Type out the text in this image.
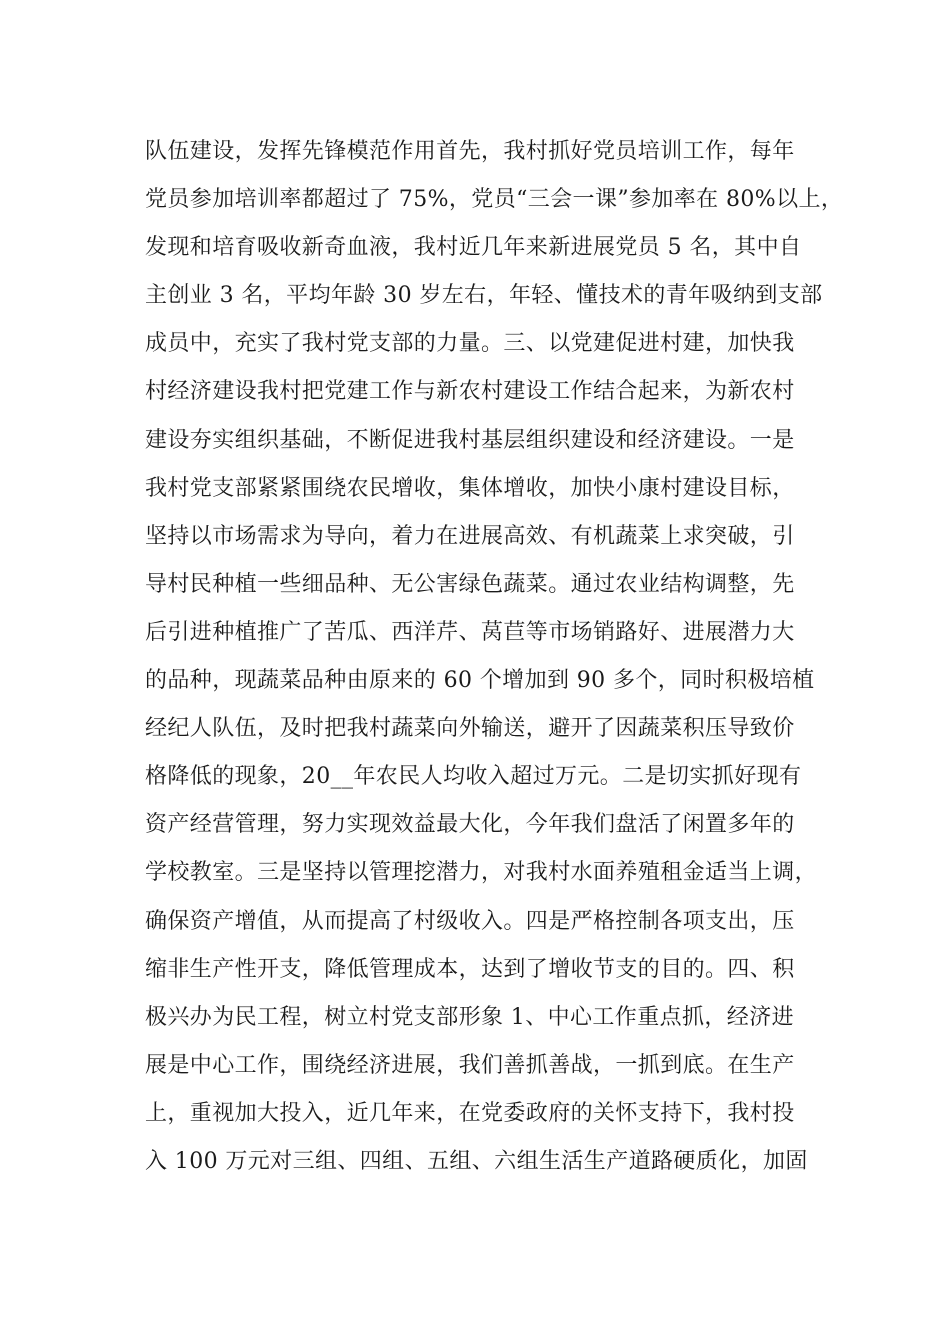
队伍建设，发挥先锋模范作用首先，我村抓好党员培训工作，每年
党员参加培训率都超过了 75%，党员“三会一课”参加率在 80%以上，
发现和培育吸收新奇血液，我村近几年来新进展党员 5 名，其中自
主创业 3 名，平均年龄 30 岁左右，年轻、懂技术的青年吸纳到支部
成员中，充实了我村党支部的力量。三、以党建促进村建，加快我
村经济建设我村把党建工作与新农村建设工作结合起来，为新农村
建设夯实组织基础，不断促进我村基层组织建设和经济建设。一是
我村党支部紧紧围绕农民增收，集体增收，加快小康村建设目标，
坚持以市场需求为导向，着力在进展高效、有机蔬菜上求突破，引
导村民种植一些细品种、无公害绿色蔬菜。通过农业结构调整，先
后引进种植推广了苦瓜、西洋芹、莴苣等市场销路好、进展潜力大
的品种，现蔬菜品种由原来的 60 个增加到 90 多个，同时积极培植
经纪人队伍，及时把我村蔬菜向外输送，避开了因蔬菜积压导致价
格降低的现象，20__年农民人均收入超过万元。二是切实抓好现有
资产经营管理，努力实现效益最大化，今年我们盘活了闲置多年的
学校教室。三是坚持以管理挖潜力，对我村水面养殖租金适当上调，
确保资产增值，从而提高了村级收入。四是严格控制各项支出，压
缩非生产性开支，降低管理成本，达到了增收节支的目的。四、积
极兴办为民工程，树立村党支部形象 1、中心工作重点抓，经济进
展是中心工作，围绕经济进展，我们善抓善战，一抓到底。在生产
上，重视加大投入，近几年来，在党委政府的关怀支持下，我村投
入 100 万元对三组、四组、五组、六组生活生产道路硬质化，加固
